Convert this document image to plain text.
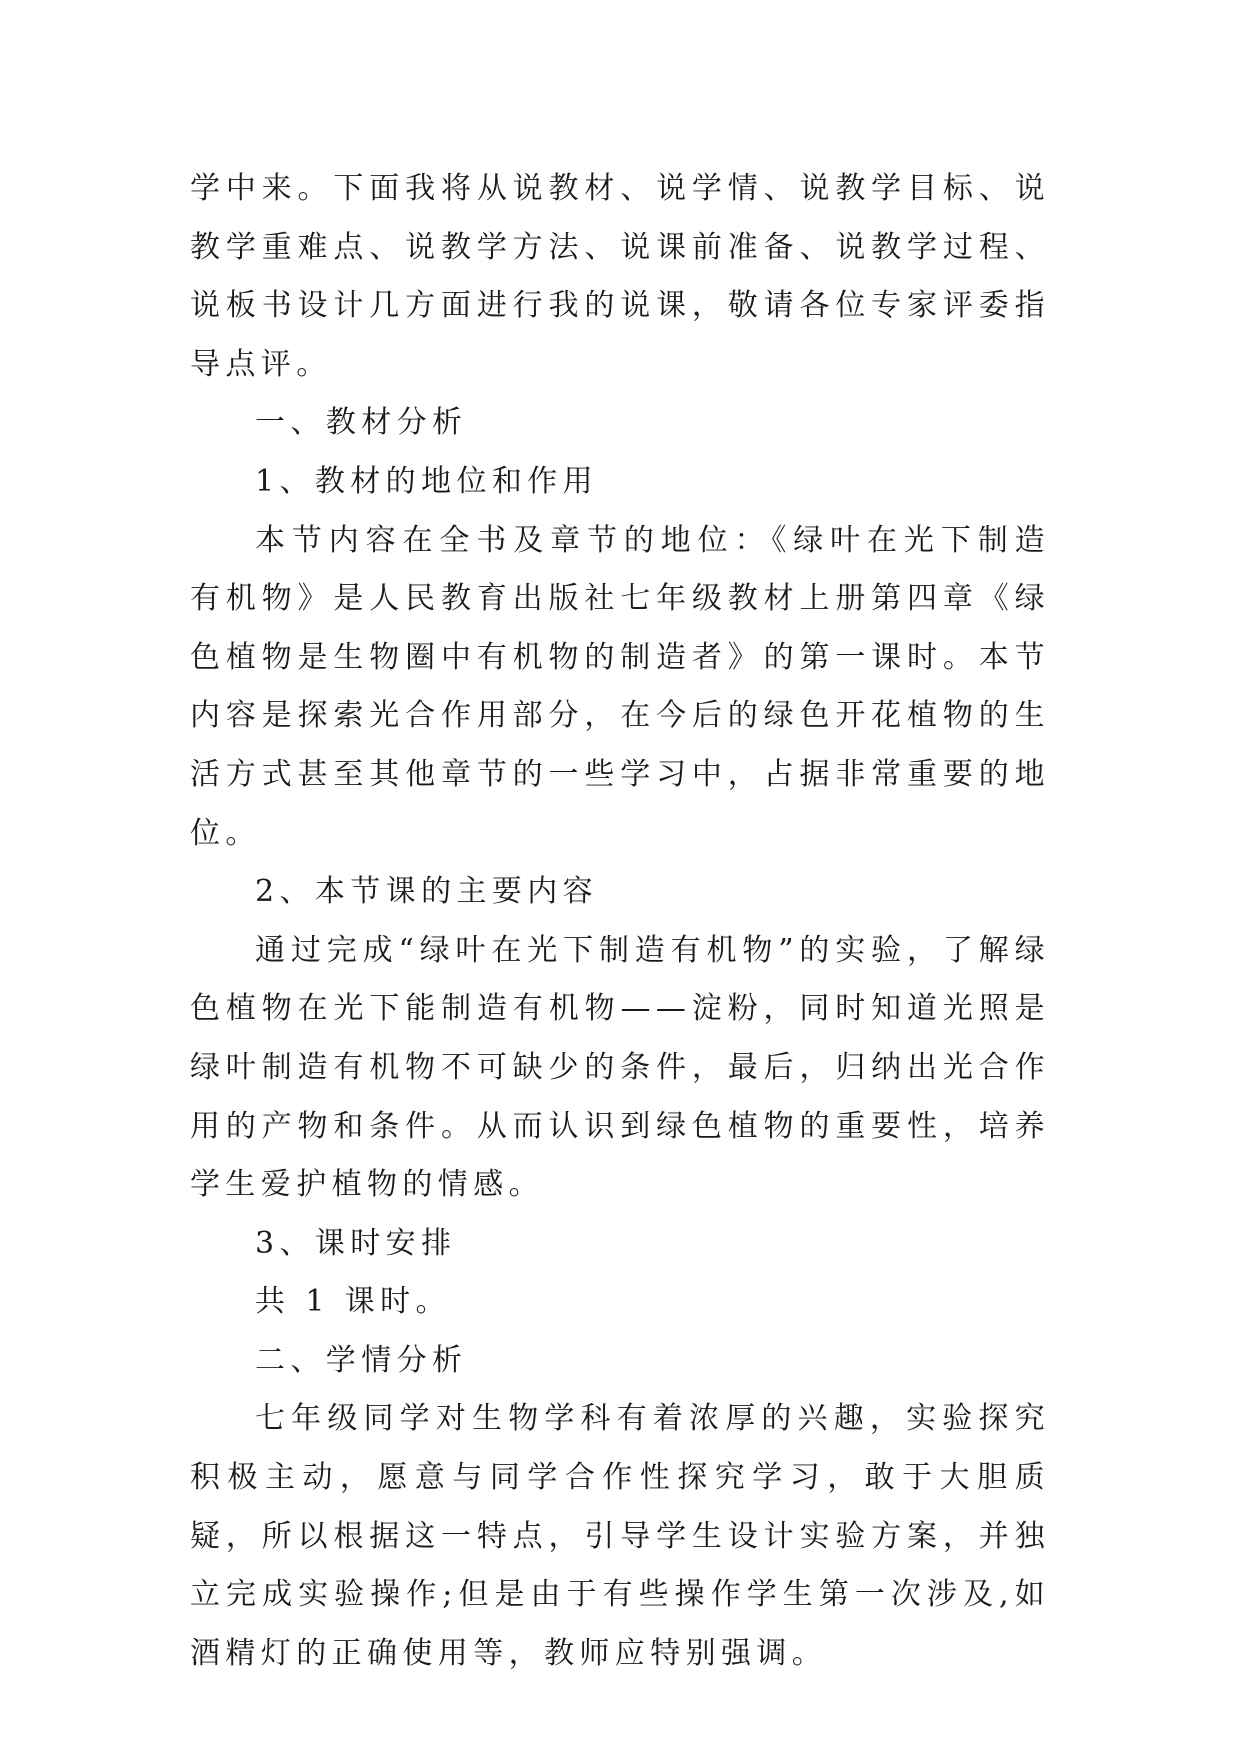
学中来。下面我将从说教材、说学情、说教学目标、说教学重难点、说教学方法、说课前准备、说教学过程、说板书设计几方面进行我的说课，敬请各位专家评委指导点评。

一、教材分析

1、教材的地位和作用

本节内容在全书及章节的地位：《绿叶在光下制造有机物》是人民教育出版社七年级教材上册第四章《绿色植物是生物圈中有机物的制造者》的第一课时。本节内容是探索光合作用部分，在今后的绿色开花植物的生活方式甚至其他章节的一些学习中，占据非常重要的地位。

2、本节课的主要内容

通过完成“绿叶在光下制造有机物”的实验，了解绿色植物在光下能制造有机物——淀粉，同时知道光照是绿叶制造有机物不可缺少的条件，最后，归纳出光合作用的产物和条件。从而认识到绿色植物的重要性，培养学生爱护植物的情感。

3、课时安排

共 1 课时。

二、学情分析

七年级同学对生物学科有着浓厚的兴趣，实验探究积极主动，愿意与同学合作性探究学习，敢于大胆质疑，所以根据这一特点，引导学生设计实验方案，并独立完成实验操作;但是由于有些操作学生第一次涉及,如酒精灯的正确使用等，教师应特别强调。
